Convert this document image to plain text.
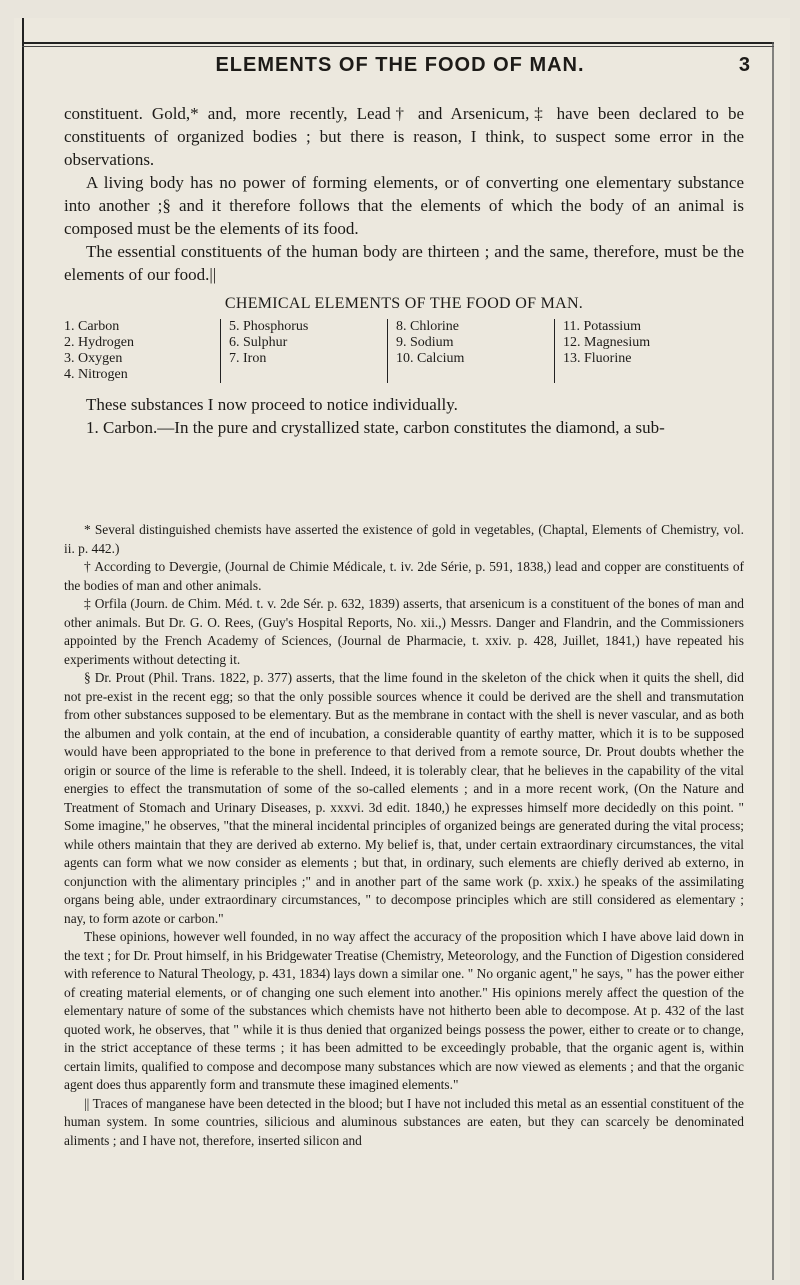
ELEMENTS OF THE FOOD OF MAN.	3

constituent. Gold,* and, more recently, Lead† and Arsenicum,‡ have been declared to be constituents of organized bodies ; but there is reason, I think, to suspect some error in the observations.

A living body has no power of forming elements, or of converting one elementary substance into another ;§ and it therefore follows that the elements of which the body of an animal is composed must be the elements of its food.

The essential constituents of the human body are thirteen ; and the same, therefore, must be the elements of our food.||

CHEMICAL ELEMENTS OF THE FOOD OF MAN.
1. Carbon
2. Hydrogen
3. Oxygen
4. Nitrogen
5. Phosphorus
6. Sulphur
7. Iron
8. Chlorine
9. Sodium
10. Calcium
11. Potassium
12. Magnesium
13. Fluorine

These substances I now proceed to notice individually.

1. Carbon.—In the pure and crystallized state, carbon constitutes the diamond, a sub-

* Several distinguished chemists have asserted the existence of gold in vegetables, (Chaptal, Elements of Chemistry, vol. ii. p. 442.)

† According to Devergie, (Journal de Chimie Médicale, t. iv. 2de Série, p. 591, 1838,) lead and copper are constituents of the bodies of man and other animals.

‡ Orfila (Journ. de Chim. Méd. t. v. 2de Sér. p. 632, 1839) asserts, that arsenicum is a constituent of the bones of man and other animals. But Dr. G. O. Rees, (Guy's Hospital Reports, No. xii.,) Messrs. Danger and Flandrin, and the Commissioners appointed by the French Academy of Sciences, (Journal de Pharmacie, t. xxiv. p. 428, Juillet, 1841,) have repeated his experiments without detecting it.

§ Dr. Prout (Phil. Trans. 1822, p. 377) asserts, that the lime found in the skeleton of the chick when it quits the shell, did not pre-exist in the recent egg; so that the only possible sources whence it could be derived are the shell and transmutation from other substances supposed to be elementary. But as the membrane in contact with the shell is never vascular, and as both the albumen and yolk contain, at the end of incubation, a considerable quantity of earthy matter, which it is to be supposed would have been appropriated to the bone in preference to that derived from a remote source, Dr. Prout doubts whether the origin or source of the lime is referable to the shell. Indeed, it is tolerably clear, that he believes in the capability of the vital energies to effect the transmutation of some of the so-called elements ; and in a more recent work, (On the Nature and Treatment of Stomach and Urinary Diseases, p. xxxvi. 3d edit. 1840,) he expresses himself more decidedly on this point. " Some imagine," he observes, "that the mineral incidental principles of organized beings are generated during the vital process; while others maintain that they are derived ab externo. My belief is, that, under certain extraordinary circumstances, the vital agents can form what we now consider as elements ; but that, in ordinary, such elements are chiefly derived ab externo, in conjunction with the alimentary principles ;" and in another part of the same work (p. xxix.) he speaks of the assimilating organs being able, under extraordinary circumstances, " to decompose principles which are still considered as elementary ; nay, to form azote or carbon."

These opinions, however well founded, in no way affect the accuracy of the proposition which I have above laid down in the text ; for Dr. Prout himself, in his Bridgewater Treatise (Chemistry, Meteorology, and the Function of Digestion considered with reference to Natural Theology, p. 431, 1834) lays down a similar one. " No organic agent," he says, " has the power either of creating material elements, or of changing one such element into another." His opinions merely affect the question of the elementary nature of some of the substances which chemists have not hitherto been able to decompose. At p. 432 of the last quoted work, he observes, that " while it is thus denied that organized beings possess the power, either to create or to change, in the strict acceptance of these terms ; it has been admitted to be exceedingly probable, that the organic agent is, within certain limits, qualified to compose and decompose many substances which are now viewed as elements ; and that the organic agent does thus apparently form and transmute these imagined elements."

|| Traces of manganese have been detected in the blood; but I have not included this metal as an essential constituent of the human system. In some countries, silicious and aluminous substances are eaten, but they can scarcely be denominated aliments ; and I have not, therefore, inserted silicon and
